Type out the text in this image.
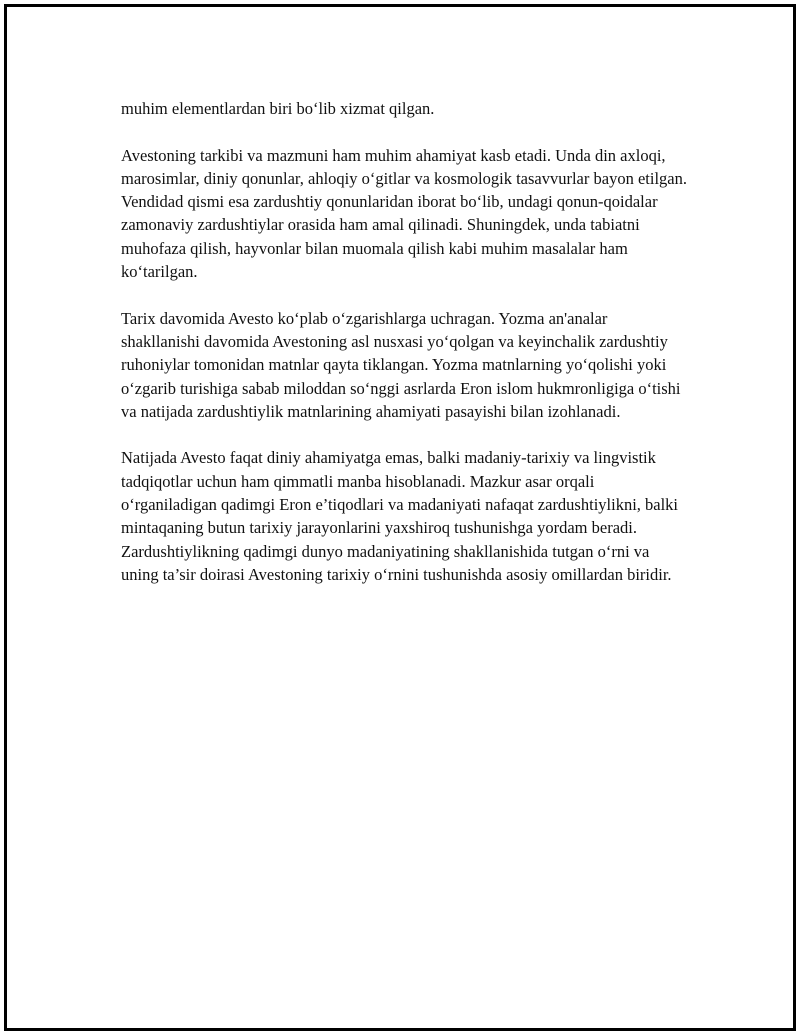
muhim elementlardan biri bo‘lib xizmat qilgan.

Avestoning tarkibi va mazmuni ham muhim ahamiyat kasb etadi. Unda din axloqi, marosimlar, diniy qonunlar, ahloqiy o‘gitlar va kosmologik tasavvurlar bayon etilgan. Vendidad qismi esa zardushtiy qonunlaridan iborat bo‘lib, undagi qonun-qoidalar zamonaviy zardushtiylar orasida ham amal qilinadi. Shuningdek, unda tabiatni muhofaza qilish, hayvonlar bilan muomala qilish kabi muhim masalalar ham ko‘tarilgan.

Tarix davomida Avesto ko‘plab o‘zgarishlarga uchragan. Yozma an'analar shakllanishi davomida Avestoning asl nusxasi yo‘qolgan va keyinchalik zardushtiy ruhoniylar tomonidan matnlar qayta tiklangan. Yozma matnlarning yo‘qolishi yoki o‘zgarib turishiga sabab miloddan so‘nggi asrlarda Eron islom hukmronligiga o‘tishi va natijada zardushtiylik matnlarining ahamiyati pasayishi bilan izohlanadi.

Natijada Avesto faqat diniy ahamiyatga emas, balki madaniy-tarixiy va lingvistik tadqiqotlar uchun ham qimmatli manba hisoblanadi. Mazkur asar orqali o‘rganiladigan qadimgi Eron e’tiqodlari va madaniyati nafaqat zardushtiylikni, balki mintaqaning butun tarixiy jarayonlarini yaxshiroq tushunishga yordam beradi. Zardushtiylikning qadimgi dunyo madaniyatining shakllanishida tutgan o‘rni va uning ta’sir doirasi Avestoning tarixiy o‘rnini tushunishda asosiy omillardan biridir.
